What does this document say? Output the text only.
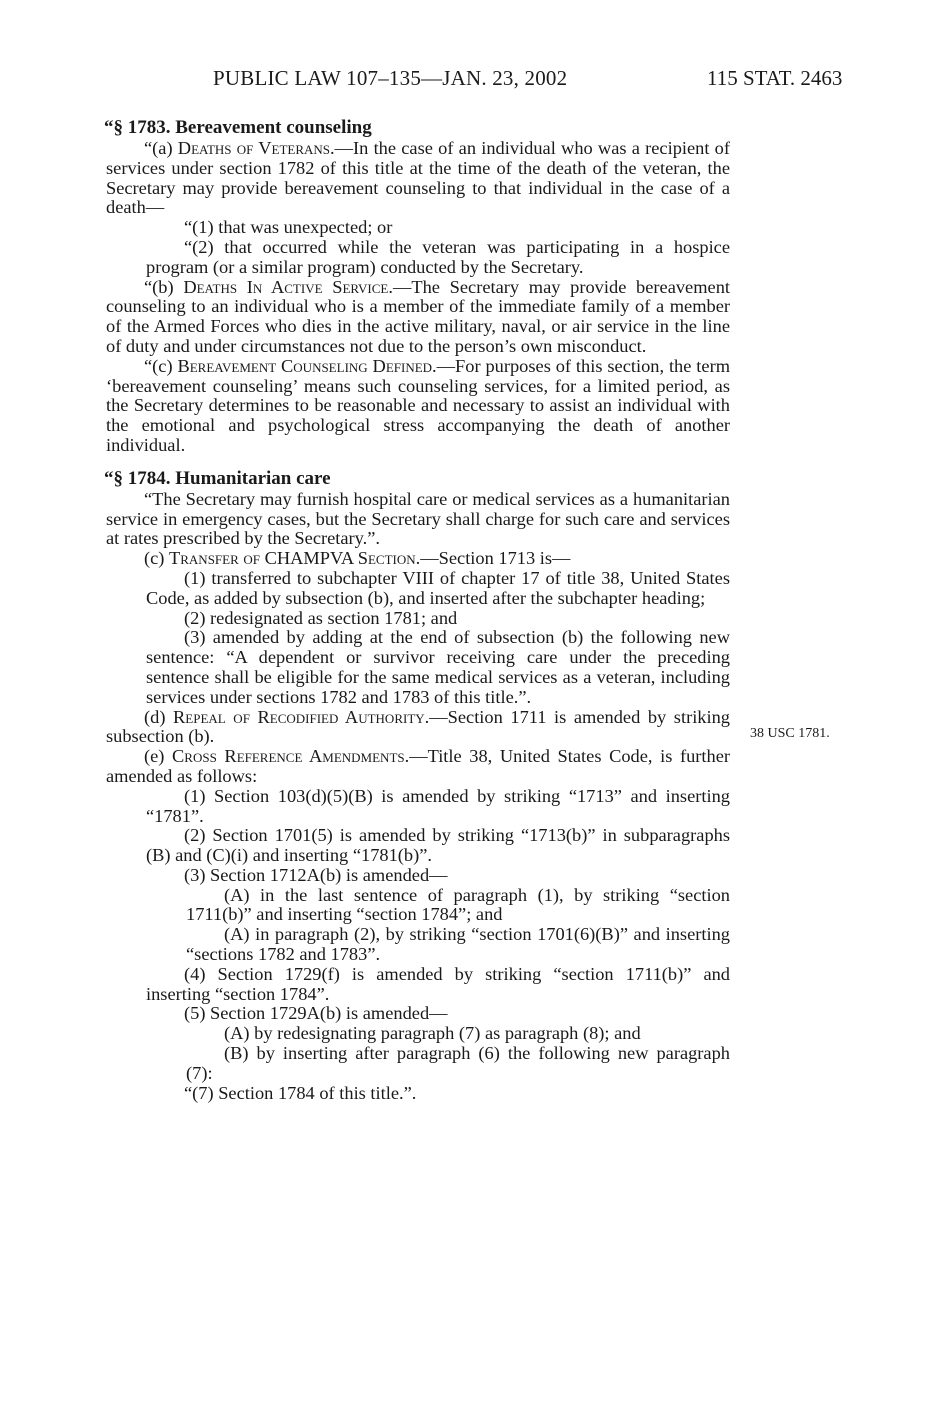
PUBLIC LAW 107–135—JAN. 23, 2002	115 STAT. 2463
“§ 1783. Bereavement counseling

“(a) Deaths of Veterans.—In the case of an individual who was a recipient of services under section 1782 of this title at the time of the death of the veteran, the Secretary may provide bereavement counseling to that individual in the case of a death—

“(1) that was unexpected; or

“(2) that occurred while the veteran was participating in a hospice program (or a similar program) conducted by the Secretary.

“(b) Deaths In Active Service.—The Secretary may provide bereavement counseling to an individual who is a member of the immediate family of a member of the Armed Forces who dies in the active military, naval, or air service in the line of duty and under circumstances not due to the person’s own misconduct.

“(c) Bereavement Counseling Defined.—For purposes of this section, the term ‘bereavement counseling’ means such counseling services, for a limited period, as the Secretary determines to be reasonable and necessary to assist an individual with the emotional and psychological stress accompanying the death of another individual.

“§ 1784. Humanitarian care

“The Secretary may furnish hospital care or medical services as a humanitarian service in emergency cases, but the Secretary shall charge for such care and services at rates prescribed by the Secretary.”.

(c) Transfer of CHAMPVA Section.—Section 1713 is—

(1) transferred to subchapter VIII of chapter 17 of title 38, United States Code, as added by subsection (b), and inserted after the subchapter heading;

(2) redesignated as section 1781; and

(3) amended by adding at the end of subsection (b) the following new sentence: “A dependent or survivor receiving care under the preceding sentence shall be eligible for the same medical services as a veteran, including services under sections 1782 and 1783 of this title.”.

(d) Repeal of Recodified Authority.—Section 1711 is amended by striking subsection (b).

(e) Cross Reference Amendments.—Title 38, United States Code, is further amended as follows:

(1) Section 103(d)(5)(B) is amended by striking “1713” and inserting “1781”.

(2) Section 1701(5) is amended by striking “1713(b)” in subparagraphs (B) and (C)(i) and inserting “1781(b)”.

(3) Section 1712A(b) is amended—

(A) in the last sentence of paragraph (1), by striking “section 1711(b)” and inserting “section 1784”; and

(A) in paragraph (2), by striking “section 1701(6)(B)” and inserting “sections 1782 and 1783”.

(4) Section 1729(f) is amended by striking “section 1711(b)” and inserting “section 1784”.

(5) Section 1729A(b) is amended—

(A) by redesignating paragraph (7) as paragraph (8); and

(B) by inserting after paragraph (6) the following new paragraph (7):

“(7) Section 1784 of this title.”.

38 USC 1781.
